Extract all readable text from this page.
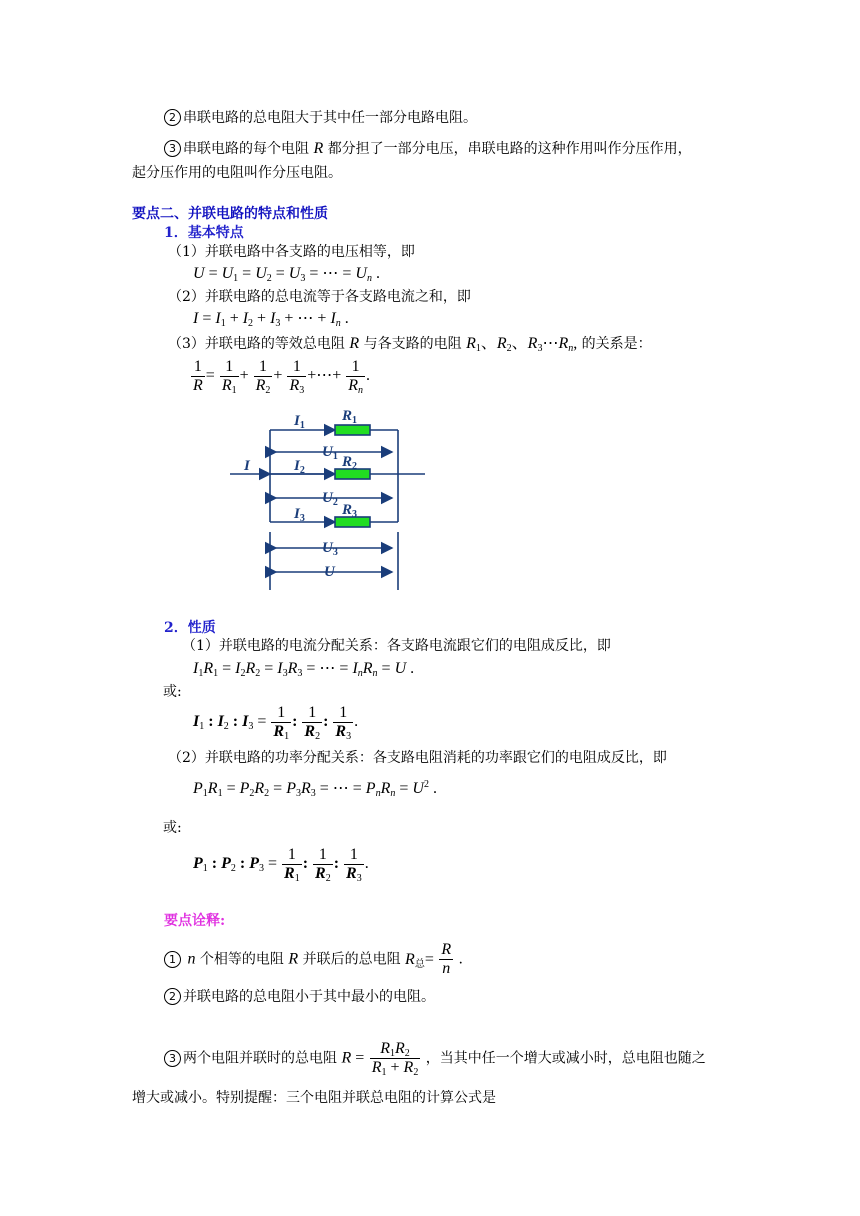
2 串联电路的总电阻大于其中任一部分电路电阻。
3 串联电路的每个电阻 R 都分担了一部分电压，串联电路的这种作用叫作分压作用，
起分压作用的电阻叫作分压电阻。
要点二、并联电路的特点和性质
1．基本特点
（1）并联电路中各支路的电压相等，即
$U = U_1 = U_2 = U_3$ = ⋯ = $U_n$ .
（2）并联电路的总电流等于各支路电流之和，即
$I = I_1 + I_2 + I_3$ + ⋯ + $I_n$ .
（3）并联电路的等效总电阻 R 与各支路的电阻 $R_1$、$R_2$、$R_3\cdots R_n$, 的关系是：
$\frac{1}{R} = \frac{1}{R_1} + \frac{1}{R_2} + \frac{1}{R_3}$ +⋯+ $\frac{1}{R_n}$ .
I
$I_1$
$I_2$
$I_3$
$R_1$
$R_2$
$R_3$
$U_1$
$U_2$
$U_3$
U
2．性质
（1）并联电路的电流分配关系：各支路电流跟它们的电阻成反比，即
$I_1R_1 = I_2R_2 = I_3R_3$ = ⋯ = $I_nR_n = U$ .
或:
$I_1$ : $I_2$ : $I_3 = \frac{1}{R_1}$ : $\frac{1}{R_2}$ : $\frac{1}{R_3}$ .
（2）并联电路的功率分配关系：各支路电阻消耗的功率跟它们的电阻成反比，即
$P_1R_1 = P_2R_2 = P_3R_3$ = ⋯ = $P_nR_n = U^2$ .
或:
$P_1$ : $P_2$ : $P_3 = \frac{1}{R_1}$ : $\frac{1}{R_2}$ : $\frac{1}{R_3}$ .
要点诠释:
1 n 个相等的电阻 R 并联后的总电阻 $R_总= \frac{R}{n}$ .
2 并联电路的总电阻小于其中最小的电阻。
3 两个电阻并联时的总电阻 $R = \frac{R_1R_2}{R_1 + R_2}$ ，当其中任一个增大或减小时，总电阻也随之
增大或减小。特别提醒：三个电阻并联总电阻的计算公式是
